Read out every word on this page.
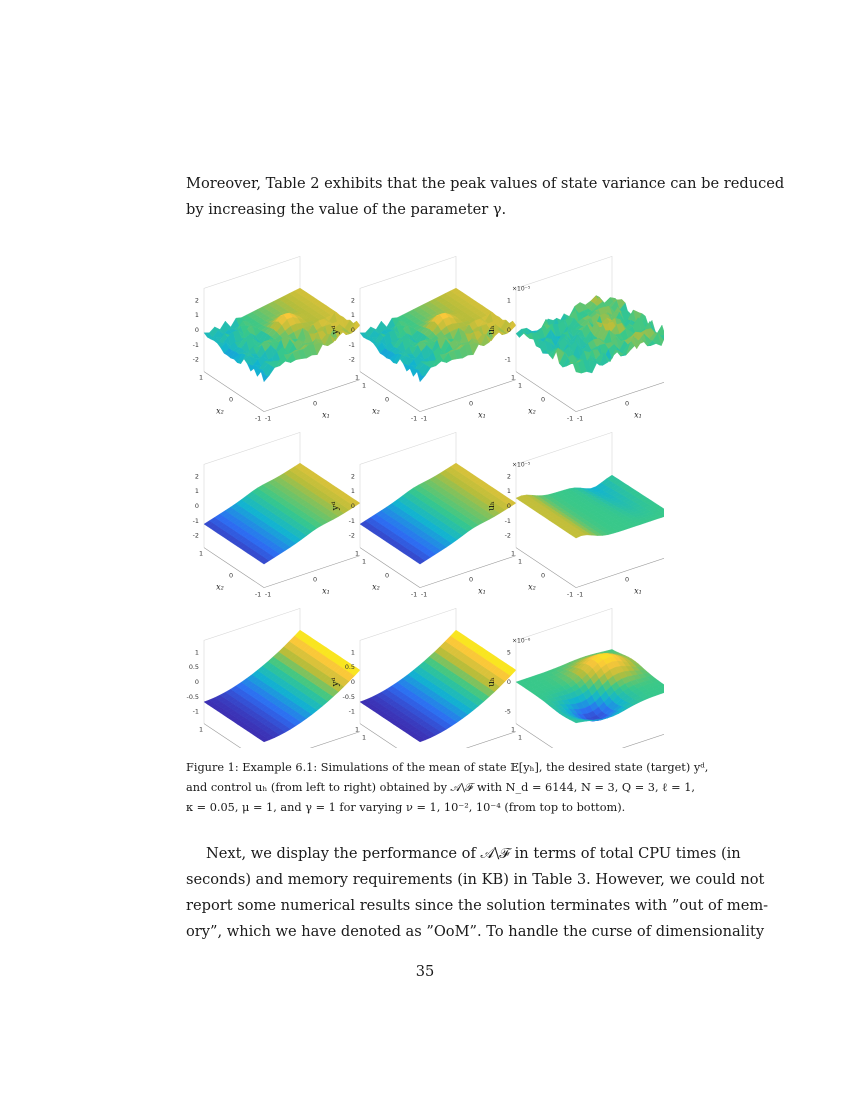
Moreover, Table 2 exhibits that the peak values of state variance can be reduced
by increasing the value of the parameter γ.

2
1
0
-1
-2
1
0
-1 -1
0
1
x₂	x₁
2
1
0
-1
-2
yᵈ
1
0
-1 -1
0
1
x₂	x₁
1
0
-1
×10⁻⁵
uₕ
1
0
-1 -1
0
x₂	x₁
2
1
0
-1
-2
1
0
-1 -1
0
1
x₂	x₁
2
1
0
-1
-2
yᵈ
1
0
-1 -1
0
1
x₂	x₁
2
1
0
-1
-2
×10⁻⁵
uₕ
1
0
-1 -1
0
x₂	x₁
1
0.5
0
-0.5
-1
1
1
1
0.5
0
-0.5
-1
yᵈ
1
1
5
0
-5
×10⁻⁶
uₕ
1

Figure 1: Example 6.1: Simulations of the mean of state 𝔼[yₕ], the desired state (target) yᵈ,
and control uₕ (from left to right) obtained by 𝒜\ℱ with N_d = 6144, N = 3, Q = 3, ℓ = 1,
κ = 0.05, μ = 1, and γ = 1 for varying ν = 1, 10⁻², 10⁻⁴ (from top to bottom).

Next, we display the performance of 𝒜\ℱ in terms of total CPU times (in
seconds) and memory requirements (in KB) in Table 3. However, we could not
report some numerical results since the solution terminates with ”out of mem-
ory”, which we have denoted as ”OoM”. To handle the curse of dimensionality

35
